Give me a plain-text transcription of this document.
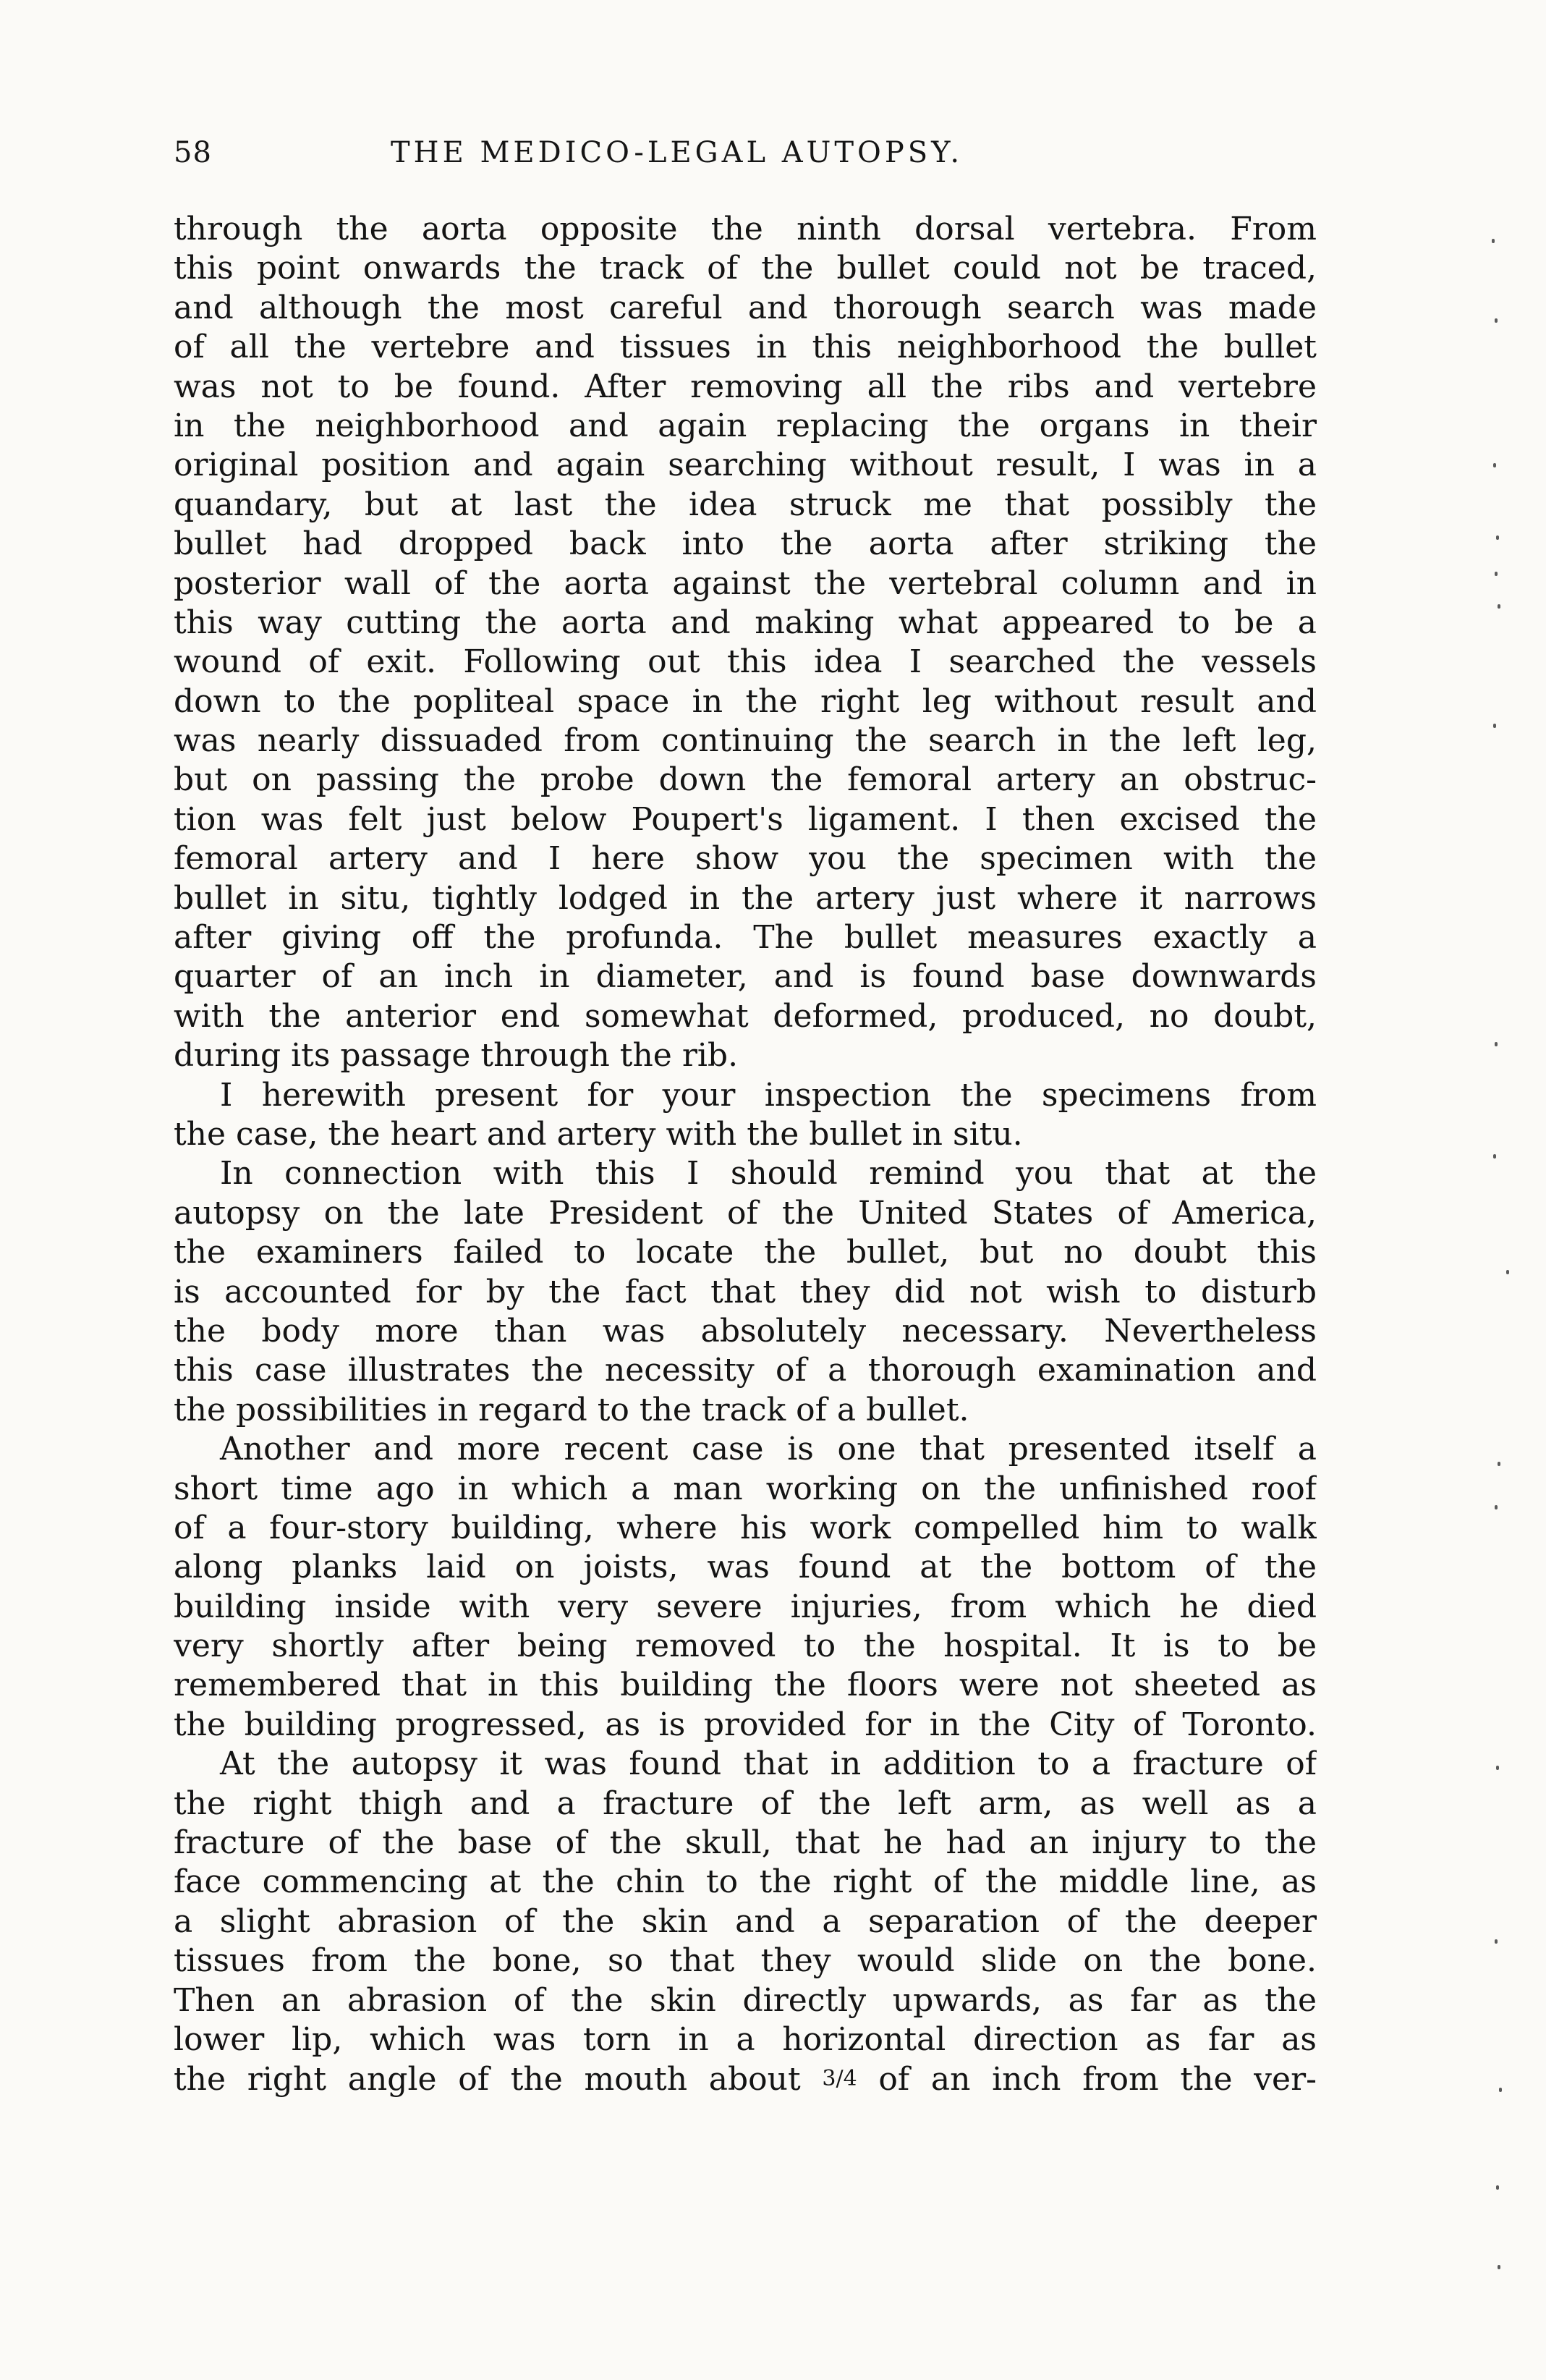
58	THE MEDICO-LEGAL AUTOPSY.
through the aorta opposite the ninth dorsal vertebra. From
this point onwards the track of the bullet could not be traced,
and although the most careful and thorough search was made
of all the vertebre and tissues in this neighborhood the bullet
was not to be found. After removing all the ribs and vertebre
in the neighborhood and again replacing the organs in their
original position and again searching without result, I was in a
quandary, but at last the idea struck me that possibly the
bullet had dropped back into the aorta after striking the
posterior wall of the aorta against the vertebral column and in
this way cutting the aorta and making what appeared to be a
wound of exit. Following out this idea I searched the vessels
down to the popliteal space in the right leg without result and
was nearly dissuaded from continuing the search in the left leg,
but on passing the probe down the femoral artery an obstruc-
tion was felt just below Poupert's ligament. I then excised the
femoral artery and I here show you the specimen with the
bullet in situ, tightly lodged in the artery just where it narrows
after giving off the profunda. The bullet measures exactly a
quarter of an inch in diameter, and is found base downwards
with the anterior end somewhat deformed, produced, no doubt,
during its passage through the rib.
I herewith present for your inspection the specimens from
the case, the heart and artery with the bullet in situ.
In connection with this I should remind you that at the
autopsy on the late President of the United States of America,
the examiners failed to locate the bullet, but no doubt this
is accounted for by the fact that they did not wish to disturb
the body more than was absolutely necessary. Nevertheless
this case illustrates the necessity of a thorough examination and
the possibilities in regard to the track of a bullet.
Another and more recent case is one that presented itself a
short time ago in which a man working on the unfinished roof
of a four-story building, where his work compelled him to walk
along planks laid on joists, was found at the bottom of the
building inside with very severe injuries, from which he died
very shortly after being removed to the hospital. It is to be
remembered that in this building the floors were not sheeted as
the building progressed, as is provided for in the City of Toronto.
At the autopsy it was found that in addition to a fracture of
the right thigh and a fracture of the left arm, as well as a
fracture of the base of the skull, that he had an injury to the
face commencing at the chin to the right of the middle line, as
a slight abrasion of the skin and a separation of the deeper
tissues from the bone, so that they would slide on the bone.
Then an abrasion of the skin directly upwards, as far as the
lower lip, which was torn in a horizontal direction as far as
the right angle of the mouth about 3/4 of an inch from the ver-
